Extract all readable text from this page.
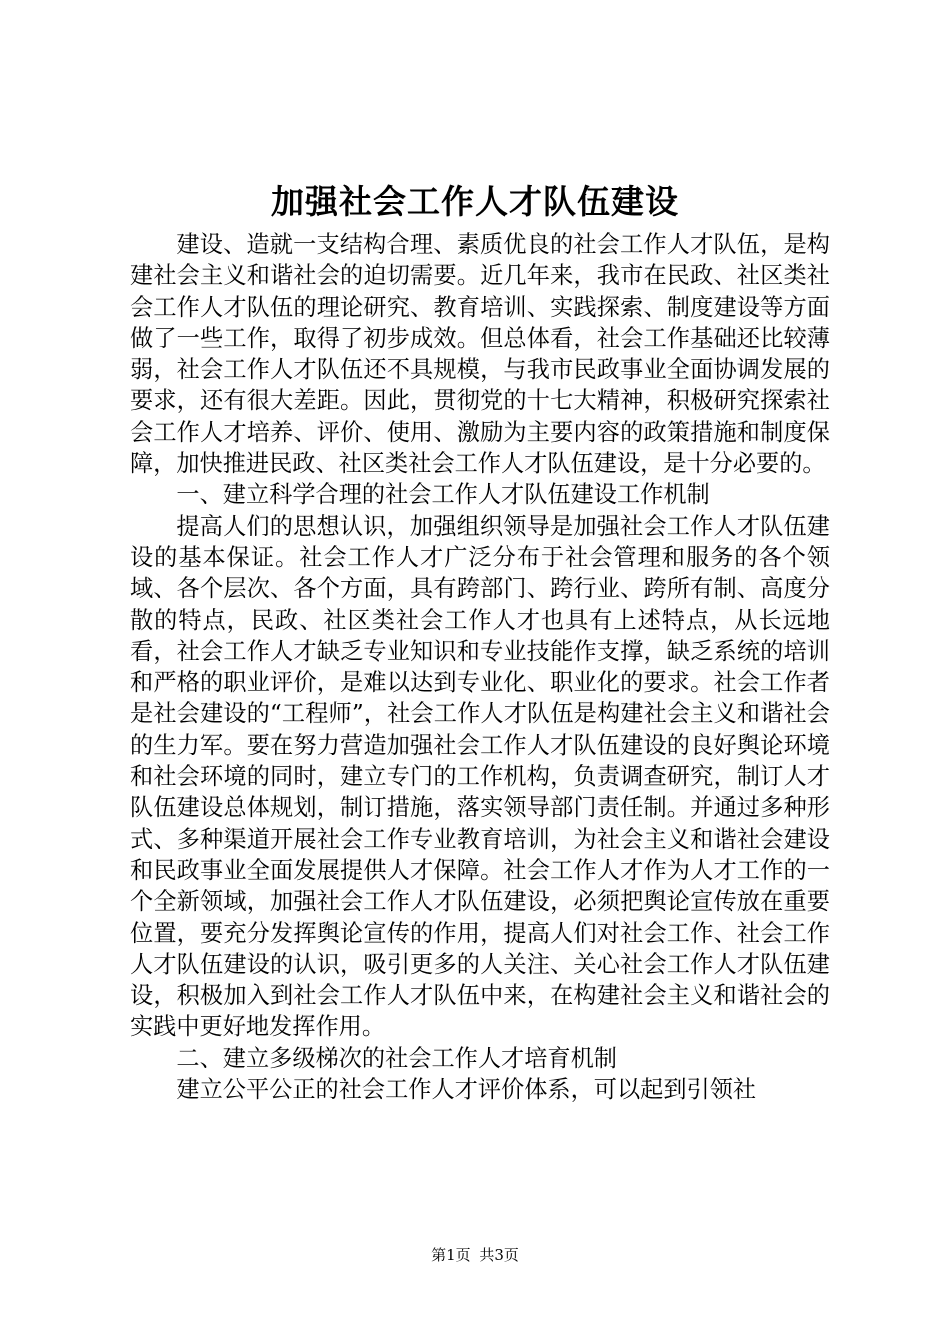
加强社会工作人才队伍建设

建设、造就一支结构合理、素质优良的社会工作人才队伍，是构建社会主义和谐社会的迫切需要。近几年来，我市在民政、社区类社会工作人才队伍的理论研究、教育培训、实践探索、制度建设等方面做了一些工作，取得了初步成效。但总体看，社会工作基础还比较薄弱，社会工作人才队伍还不具规模，与我市民政事业全面协调发展的要求，还有很大差距。因此，贯彻党的十七大精神，积极研究探索社会工作人才培养、评价、使用、激励为主要内容的政策措施和制度保障，加快推进民政、社区类社会工作人才队伍建设，是十分必要的。

一、建立科学合理的社会工作人才队伍建设工作机制

提高人们的思想认识，加强组织领导是加强社会工作人才队伍建设的基本保证。社会工作人才广泛分布于社会管理和服务的各个领域、各个层次、各个方面，具有跨部门、跨行业、跨所有制、高度分散的特点，民政、社区类社会工作人才也具有上述特点，从长远地看，社会工作人才缺乏专业知识和专业技能作支撑，缺乏系统的培训和严格的职业评价，是难以达到专业化、职业化的要求。社会工作者是社会建设的“工程师”，社会工作人才队伍是构建社会主义和谐社会的生力军。要在努力营造加强社会工作人才队伍建设的良好舆论环境和社会环境的同时，建立专门的工作机构，负责调查研究，制订人才队伍建设总体规划，制订措施，落实领导部门责任制。并通过多种形式、多种渠道开展社会工作专业教育培训，为社会主义和谐社会建设和民政事业全面发展提供人才保障。社会工作人才作为人才工作的一个全新领域，加强社会工作人才队伍建设，必须把舆论宣传放在重要位置，要充分发挥舆论宣传的作用，提高人们对社会工作、社会工作人才队伍建设的认识，吸引更多的人关注、关心社会工作人才队伍建设，积极加入到社会工作人才队伍中来，在构建社会主义和谐社会的实践中更好地发挥作用。

二、建立多级梯次的社会工作人才培育机制

建立公平公正的社会工作人才评价体系，可以起到引领社

第1页 共3页
